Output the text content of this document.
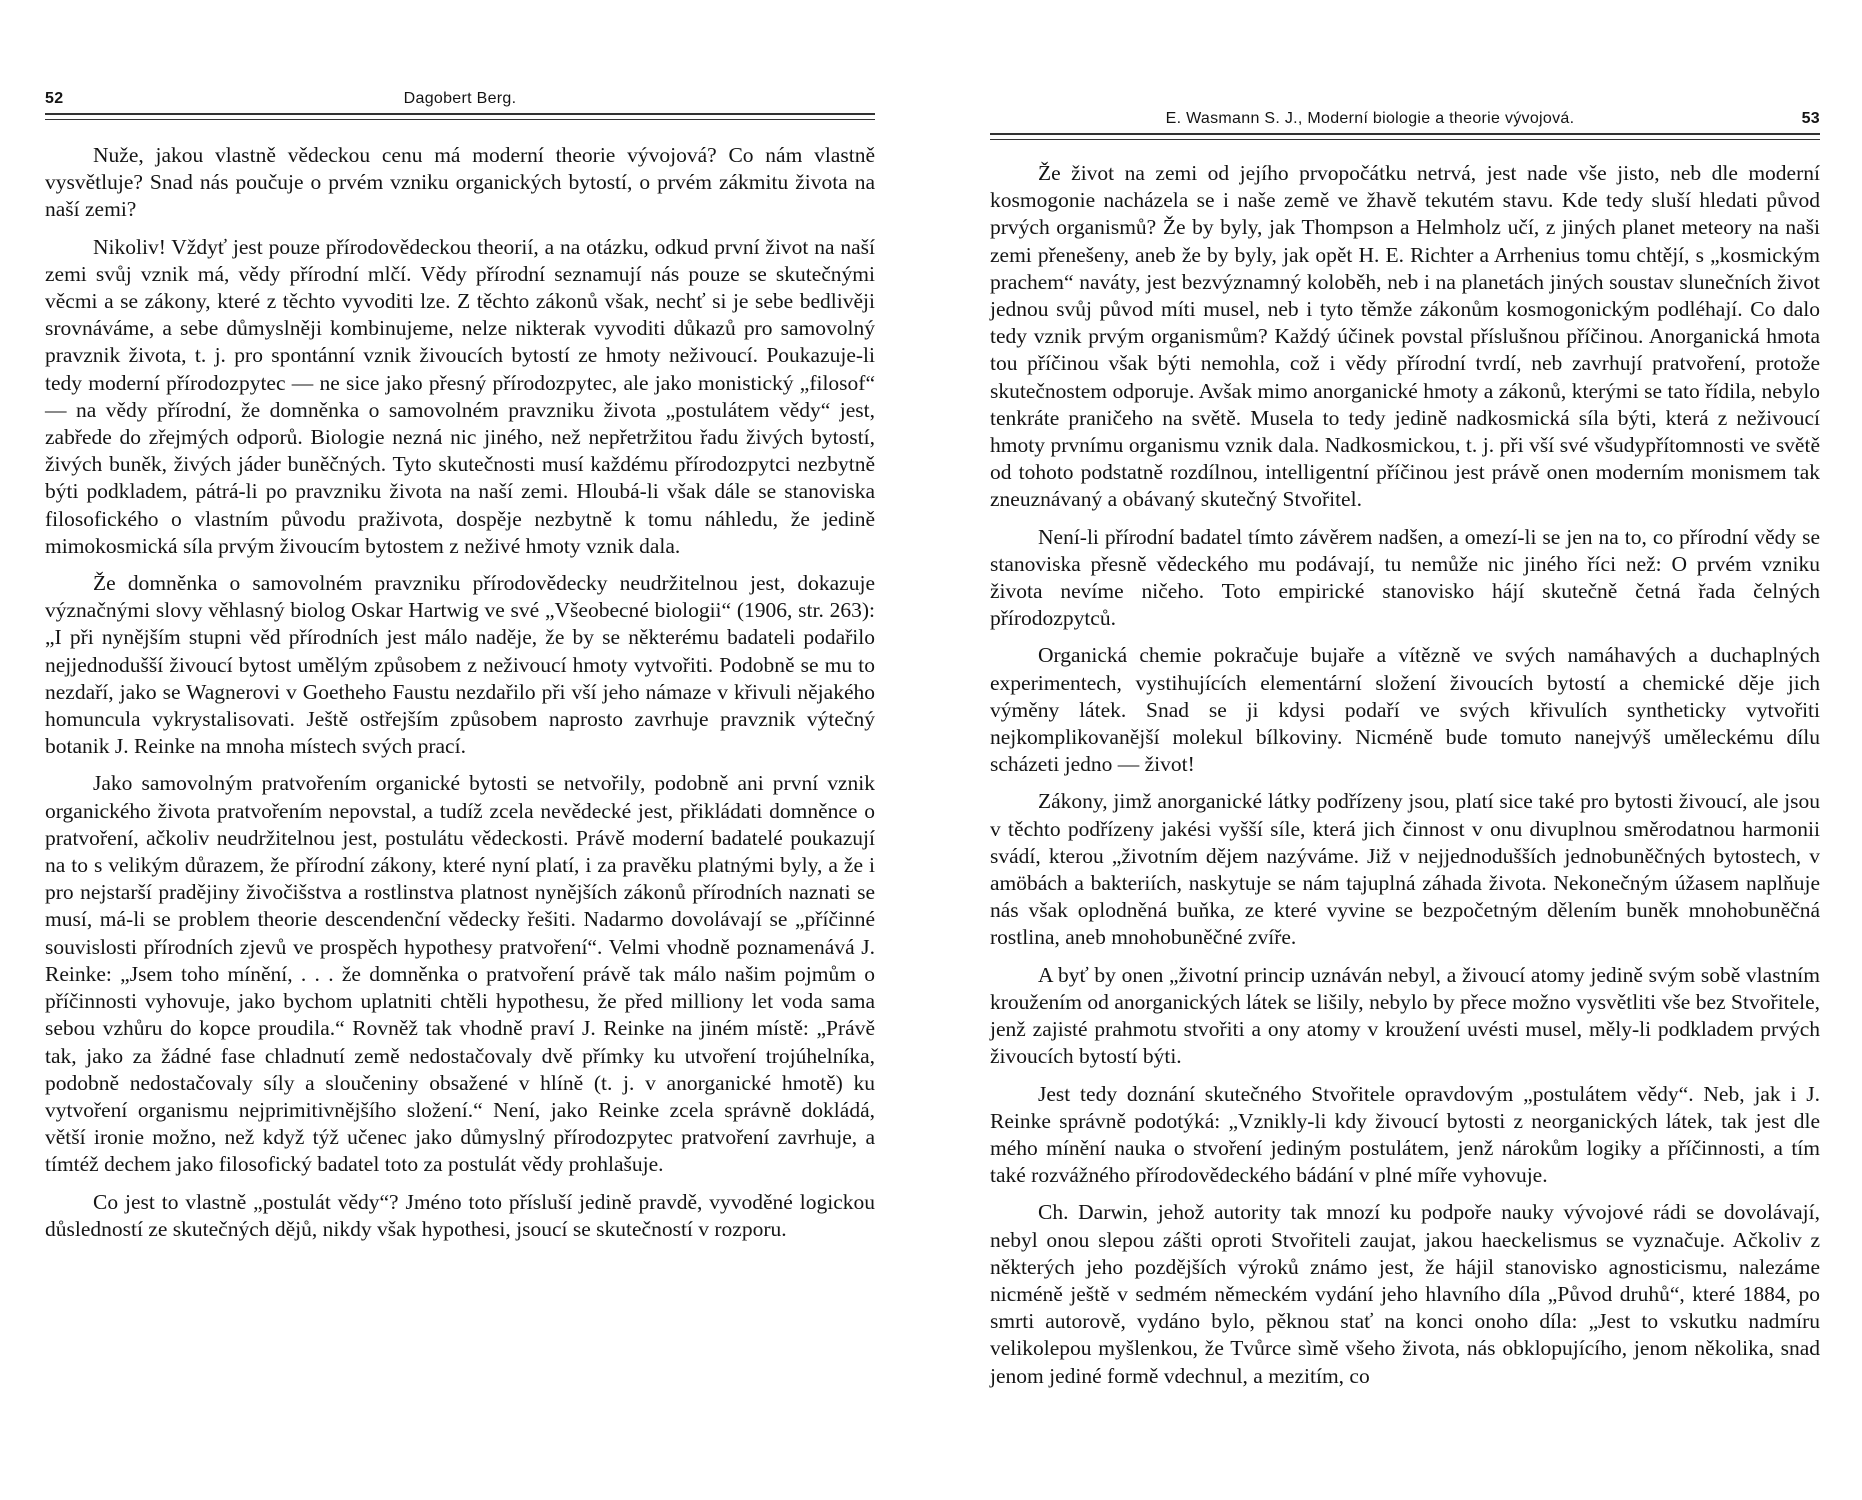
52	Dagobert Berg.

Nuže, jakou vlastně vědeckou cenu má moderní theorie vývojová? Co nám vlastně vysvětluje? Snad nás poučuje o prvém vzniku organických bytostí, o prvém zákmitu života na naší zemi?

Nikoliv! Vždyť jest pouze přírodovědeckou theorií, a na otázku, odkud první život na naší zemi svůj vznik má, vědy přírodní mlčí. Vědy přírodní seznamují nás pouze se skutečnými věcmi a se zákony, které z těchto vyvoditi lze. Z těchto zákonů však, nechť si je sebe bedlivěji srovnáváme, a sebe důmyslněji kombinujeme, nelze nikterak vyvoditi důkazů pro samovolný pravznik života, t. j. pro spontánní vznik živoucích bytostí ze hmoty neživoucí. Poukazuje-li tedy moderní přírodozpytec — ne sice jako přesný přírodozpytec, ale jako monistický „filosof“ — na vědy přírodní, že domněnka o samovolném pravzniku života „postulátem vědy“ jest, zabřede do zřejmých odporů. Biologie nezná nic jiného, než nepřetržitou řadu živých bytostí, živých buněk, živých jáder buněčných. Tyto skutečnosti musí každému přírodozpytci nezbytně býti podkladem, pátrá-li po pravzniku života na naší zemi. Hloubá-li však dále se stanoviska filosofického o vlastním původu praživota, dospěje nezbytně k tomu náhledu, že jedině mimokosmická síla prvým živoucím bytostem z neživé hmoty vznik dala.

Že domněnka o samovolném pravzniku přírodovědecky neudržitelnou jest, dokazuje význačnými slovy věhlasný biolog Oskar Hartwig ve své „Všeobecné biologii“ (1906, str. 263): „I při nynějším stupni věd přírodních jest málo naděje, že by se některému badateli podařilo nejjednodušší živoucí bytost umělým způsobem z neživoucí hmoty vytvořiti. Podobně se mu to nezdaří, jako se Wagnerovi v Goetheho Faustu nezdařilo při vší jeho námaze v křivuli nějakého homuncula vykrystalisovati. Ještě ostřejším způsobem naprosto zavrhuje pravznik výtečný botanik J. Reinke na mnoha místech svých prací.

Jako samovolným pratvořením organické bytosti se netvořily, podobně ani první vznik organického života pratvořením nepovstal, a tudíž zcela nevědecké jest, přikládati domněnce o pratvoření, ačkoliv neudržitelnou jest, postulátu vědeckosti. Právě moderní badatelé poukazují na to s velikým důrazem, že přírodní zákony, které nyní platí, i za pravěku platnými byly, a že i pro nejstarší pradějiny živočišstva a rostlinstva platnost nynějších zákonů přírodních naznati se musí, má-li se problem theorie descendenční vědecky řešiti. Nadarmo dovolávají se „příčinné souvislosti přírodních zjevů ve prospěch hypothesy pratvoření“. Velmi vhodně poznamenává J. Reinke: „Jsem toho mínění, . . . že domněnka o pratvoření právě tak málo našim pojmům o příčinnosti vyhovuje, jako bychom uplatniti chtěli hypothesu, že před milliony let voda sama sebou vzhůru do kopce proudila.“ Rovněž tak vhodně praví J. Reinke na jiném místě: „Právě tak, jako za žádné fase chladnutí země nedostačovaly dvě přímky ku utvoření trojúhelníka, podobně nedostačovaly síly a sloučeniny obsažené v hlíně (t. j. v anorganické hmotě) ku vytvoření organismu nejprimitivnějšího složení.“ Není, jako Reinke zcela správně dokládá, větší ironie možno, než když týž učenec jako důmyslný přírodozpytec pratvoření zavrhuje, a tímtéž dechem jako filosofický badatel toto za postulát vědy prohlašuje.

Co jest to vlastně „postulát vědy“? Jméno toto přísluší jedině pravdě, vyvoděné logickou důsledností ze skutečných dějů, nikdy však hypothesi, jsoucí se skutečností v rozporu.

E. Wasmann S. J., Moderní biologie a theorie vývojová.	53

Že život na zemi od jejího prvopočátku netrvá, jest nade vše jisto, neb dle moderní kosmogonie nacházela se i naše země ve žhavě tekutém stavu. Kde tedy sluší hledati původ prvých organismů? Že by byly, jak Thompson a Helmholz učí, z jiných planet meteory na naši zemi přenešeny, aneb že by byly, jak opět H. E. Richter a Arrhenius tomu chtějí, s „kosmickým prachem“ naváty, jest bezvýznamný koloběh, neb i na planetách jiných soustav slunečních život jednou svůj původ míti musel, neb i tyto těmže zákonům kosmogonickým podléhají. Co dalo tedy vznik prvým organismům? Každý účinek povstal příslušnou příčinou. Anorganická hmota tou příčinou však býti nemohla, což i vědy přírodní tvrdí, neb zavrhují pratvoření, protože skutečnostem odporuje. Avšak mimo anorganické hmoty a zákonů, kterými se tato řídila, nebylo tenkráte praničeho na světě. Musela to tedy jedině nadkosmická síla býti, která z neživoucí hmoty prvnímu organismu vznik dala. Nadkosmickou, t. j. při vší své všudypřítomnosti ve světě od tohoto podstatně rozdílnou, intelligentní příčinou jest právě onen moderním monismem tak zneuznávaný a obávaný skutečný Stvořitel.

Není-li přírodní badatel tímto závěrem nadšen, a omezí-li se jen na to, co přírodní vědy se stanoviska přesně vědeckého mu podávají, tu nemůže nic jiného říci než: O prvém vzniku života nevíme ničeho. Toto empirické stanovisko hájí skutečně četná řada čelných přírodozpytců.

Organická chemie pokračuje bujaře a vítězně ve svých namáhavých a duchaplných experimentech, vystihujících elementární složení živoucích bytostí a chemické děje jich výměny látek. Snad se ji kdysi podaří ve svých křivulích syntheticky vytvořiti nejkomplikovanější molekul bílkoviny. Nicméně bude tomuto nanejvýš uměleckému dílu scházeti jedno — život!

Zákony, jimž anorganické látky podřízeny jsou, platí sice také pro bytosti živoucí, ale jsou v těchto podřízeny jakési vyšší síle, která jich činnost v onu divuplnou směrodatnou harmonii svádí, kterou „životním dějem nazýváme. Již v nejjednodušších jednobuněčných bytostech, v amöbách a bakteriích, naskytuje se nám tajuplná záhada života. Nekonečným úžasem naplňuje nás však oplodněná buňka, ze které vyvine se bezpočetným dělením buněk mnohobuněčná rostlina, aneb mnohobuněčné zvíře.

A byť by onen „životní princip uznáván nebyl, a živoucí atomy jedině svým sobě vlastním kroužením od anorganických látek se lišily, nebylo by přece možno vysvětliti vše bez Stvořitele, jenž zajisté prahmotu stvořiti a ony atomy v kroužení uvésti musel, měly-li podkladem prvých živoucích bytostí býti.

Jest tedy doznání skutečného Stvořitele opravdovým „postulátem vědy“. Neb, jak i J. Reinke správně podotýká: „Vznikly-li kdy živoucí bytosti z neorganických látek, tak jest dle mého mínění nauka o stvoření jediným postulátem, jenž nárokům logiky a příčinnosti, a tím také rozvážného přírodovědeckého bádání v plné míře vyhovuje.

Ch. Darwin, jehož autority tak mnozí ku podpoře nauky vývojové rádi se dovolávají, nebyl onou slepou zášti oproti Stvořiteli zaujat, jakou haeckelismus se vyznačuje. Ačkoliv z některých jeho pozdějších výroků známo jest, že hájil stanovisko agnosticismu, nalezáme nicméně ještě v sedmém německém vydání jeho hlavního díla „Původ druhů“, které 1884, po smrti autorově, vydáno bylo, pěknou stať na konci onoho díla: „Jest to vskutku nadmíru velikolepou myšlenkou, že Tvůrce sìmě všeho života, nás obklopujícího, jenom několika, snad jenom jediné formě vdechnul, a mezitím, co
